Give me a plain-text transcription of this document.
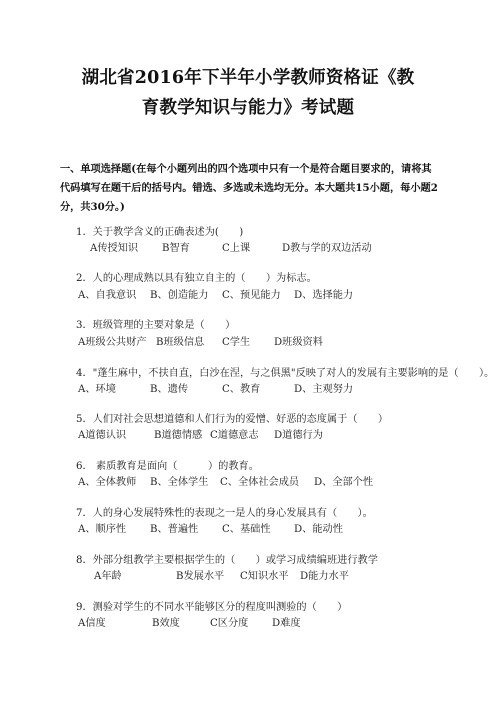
湖北省2016年下半年小学教师资格证《教
育教学知识与能力》考试题
一、单项选择题(在每个小题列出的四个选项中只有一个是符合题目要求的，请将其代码填写在题干后的括号内。错选、多选或未选均无分。本大题共15小题，每小题2分，共30分。)
1．关于教学含义的正确表述为(　　)
A传授知识 B智育	C上课	D教与学的双边活动
2．人的心理成熟以具有独立自主的（　　）为标志。
A、自我意识 B、创造能力 C、预见能力 D、选择能力
3．班级管理的主要对象是（　　）
A班级公共财产 B班级信息 C学生 D班级资料
4．"蓬生麻中，不扶自直，白沙在涅，与之俱黑"反映了对人的发展有主要影响的是（　　）。
A、环境	B、遗传	C、教育	D、主观努力
5．人们对社会思想道德和人们行为的爱憎、好恶的态度属于（　　）
A道德认识	B道德情感 C道德意志 D道德行为
6． 素质教育是面向（　　　）的教育。
A、全体教师 B、全体学生 C、全体社会成员 D、全部个性
7．人的身心发展特殊性的表现之一是人的身心发展具有（　　）。
A、顺序性 B、普遍性 C、基础性 D、能动性
8．外部分组教学主要根据学生的（　　）或学习成绩编班进行教学
A年龄	B发展水平 C知识水平 D能力水平
9．测验对学生的不同水平能够区分的程度叫测验的（　　）
A信度	B效度	C区分度 D难度
